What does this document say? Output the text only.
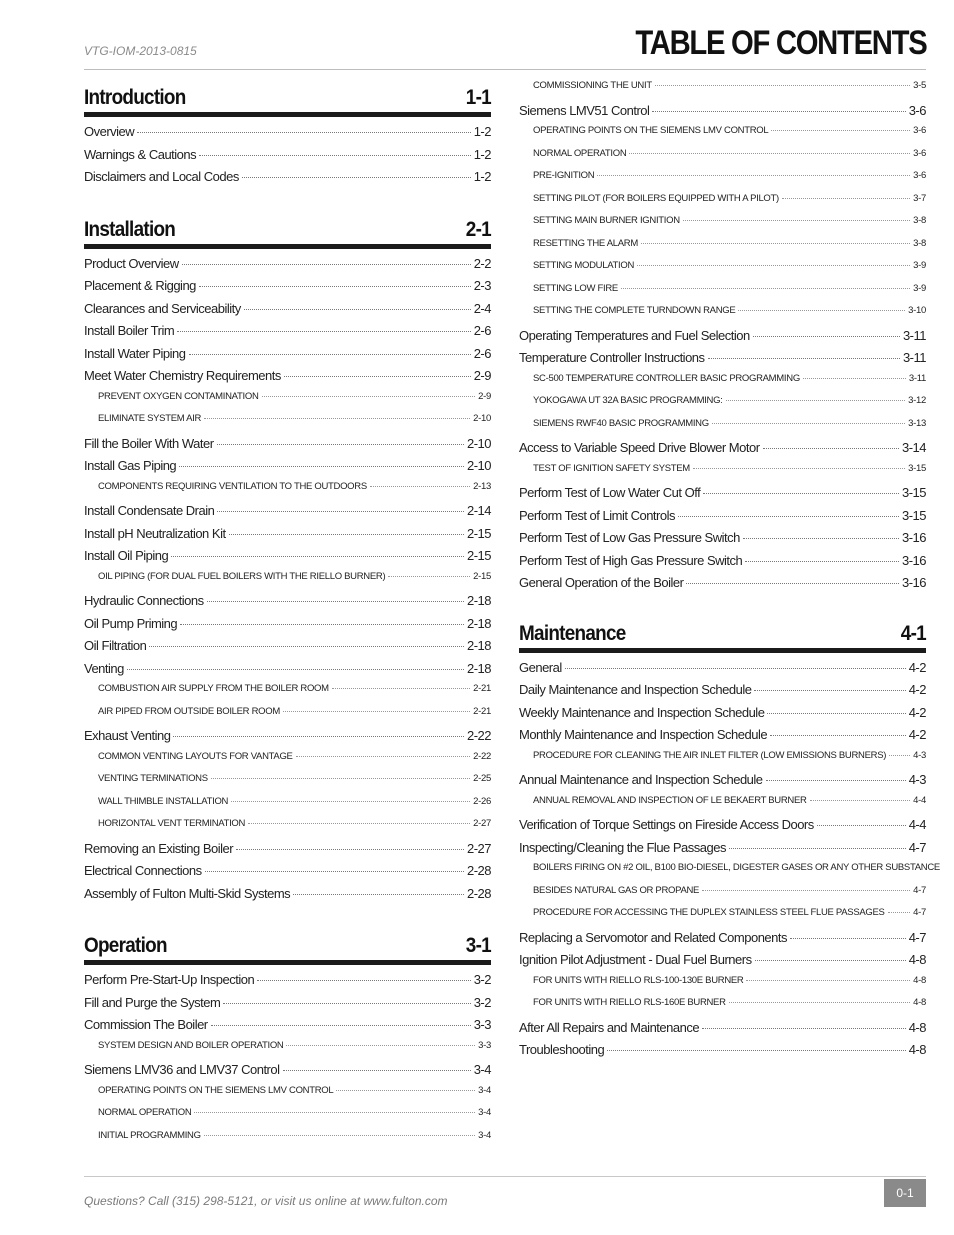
VTG-IOM-2013-0815	TABLE OF CONTENTS
Introduction	1-1
Overview	1-2
Warnings & Cautions	1-2
Disclaimers and Local Codes	1-2
Installation	2-1
Product Overview	2-2
Placement & Rigging	2-3
Clearances and Serviceability	2-4
Install Boiler Trim	2-6
Install Water Piping	2-6
Meet Water Chemistry Requirements	2-9
PREVENT OXYGEN CONTAMINATION	2-9
ELIMINATE SYSTEM AIR	2-10
Fill the Boiler With Water	2-10
Install Gas Piping	2-10
COMPONENTS REQUIRING VENTILATION TO THE OUTDOORS	2-13
Install Condensate Drain	2-14
Install pH Neutralization Kit	2-15
Install Oil Piping	2-15
OIL PIPING (FOR DUAL FUEL BOILERS WITH THE RIELLO BURNER)	2-15
Hydraulic Connections	2-18
Oil Pump Priming	2-18
Oil Filtration	2-18
Venting	2-18
COMBUSTION AIR SUPPLY FROM THE BOILER ROOM	2-21
AIR PIPED FROM OUTSIDE BOILER ROOM	2-21
Exhaust Venting	2-22
COMMON VENTING LAYOUTS FOR VANTAGE	2-22
VENTING TERMINATIONS	2-25
WALL THIMBLE INSTALLATION	2-26
HORIZONTAL VENT TERMINATION	2-27
Removing an Existing Boiler	2-27
Electrical Connections	2-28
Assembly of Fulton Multi-Skid Systems	2-28
Operation	3-1
Perform Pre-Start-Up Inspection	3-2
Fill and Purge the System	3-2
Commission The Boiler	3-3
SYSTEM DESIGN AND BOILER OPERATION	3-3
Siemens LMV36 and LMV37 Control	3-4
OPERATING POINTS ON THE SIEMENS LMV CONTROL	3-4
NORMAL OPERATION	3-4
INITIAL PROGRAMMING	3-4
COMMISSIONING THE UNIT	3-5
Siemens LMV51 Control	3-6
OPERATING POINTS ON THE SIEMENS LMV CONTROL	3-6
NORMAL OPERATION	3-6
PRE-IGNITION	3-6
SETTING PILOT (FOR BOILERS EQUIPPED WITH A PILOT)	3-7
SETTING MAIN BURNER IGNITION	3-8
RESETTING THE ALARM	3-8
SETTING MODULATION	3-9
SETTING LOW FIRE	3-9
SETTING THE COMPLETE TURNDOWN RANGE	3-10
Operating Temperatures and Fuel Selection	3-11
Temperature Controller Instructions	3-11
SC-500 TEMPERATURE CONTROLLER BASIC PROGRAMMING	3-11
YOKOGAWA UT 32A BASIC PROGRAMMING:	3-12
SIEMENS RWF40 BASIC PROGRAMMING	3-13
Access to Variable Speed Drive Blower Motor	3-14
TEST OF IGNITION SAFETY SYSTEM	3-15
Perform Test of Low Water Cut Off	3-15
Perform Test of Limit Controls	3-15
Perform Test of Low Gas Pressure Switch	3-16
Perform Test of High Gas Pressure Switch	3-16
General Operation of the Boiler	3-16
Maintenance	4-1
General	4-2
Daily Maintenance and Inspection Schedule	4-2
Weekly Maintenance and Inspection Schedule	4-2
Monthly Maintenance and Inspection Schedule	4-2
PROCEDURE FOR CLEANING THE AIR INLET FILTER (LOW EMISSIONS BURNERS)	4-3
Annual Maintenance and Inspection Schedule	4-3
ANNUAL REMOVAL AND INSPECTION OF LE BEKAERT BURNER	4-4
Verification of Torque Settings on Fireside Access Doors	4-4
Inspecting/Cleaning the Flue Passages	4-7
BOILERS FIRING ON #2 OIL, B100 BIO-DIESEL, DIGESTER GASES OR ANY OTHER SUBSTANCE
BESIDES NATURAL GAS OR PROPANE	4-7
PROCEDURE FOR ACCESSING THE DUPLEX STAINLESS STEEL FLUE PASSAGES	4-7
Replacing a Servomotor and Related Components	4-7
Ignition Pilot Adjustment - Dual Fuel Burners	4-8
FOR UNITS WITH RIELLO RLS-100-130E BURNER	4-8
FOR UNITS WITH RIELLO RLS-160E BURNER	4-8
After All Repairs and Maintenance	4-8
Troubleshooting	4-8
Questions? Call (315) 298-5121, or visit us online at www.fulton.com
0-1
